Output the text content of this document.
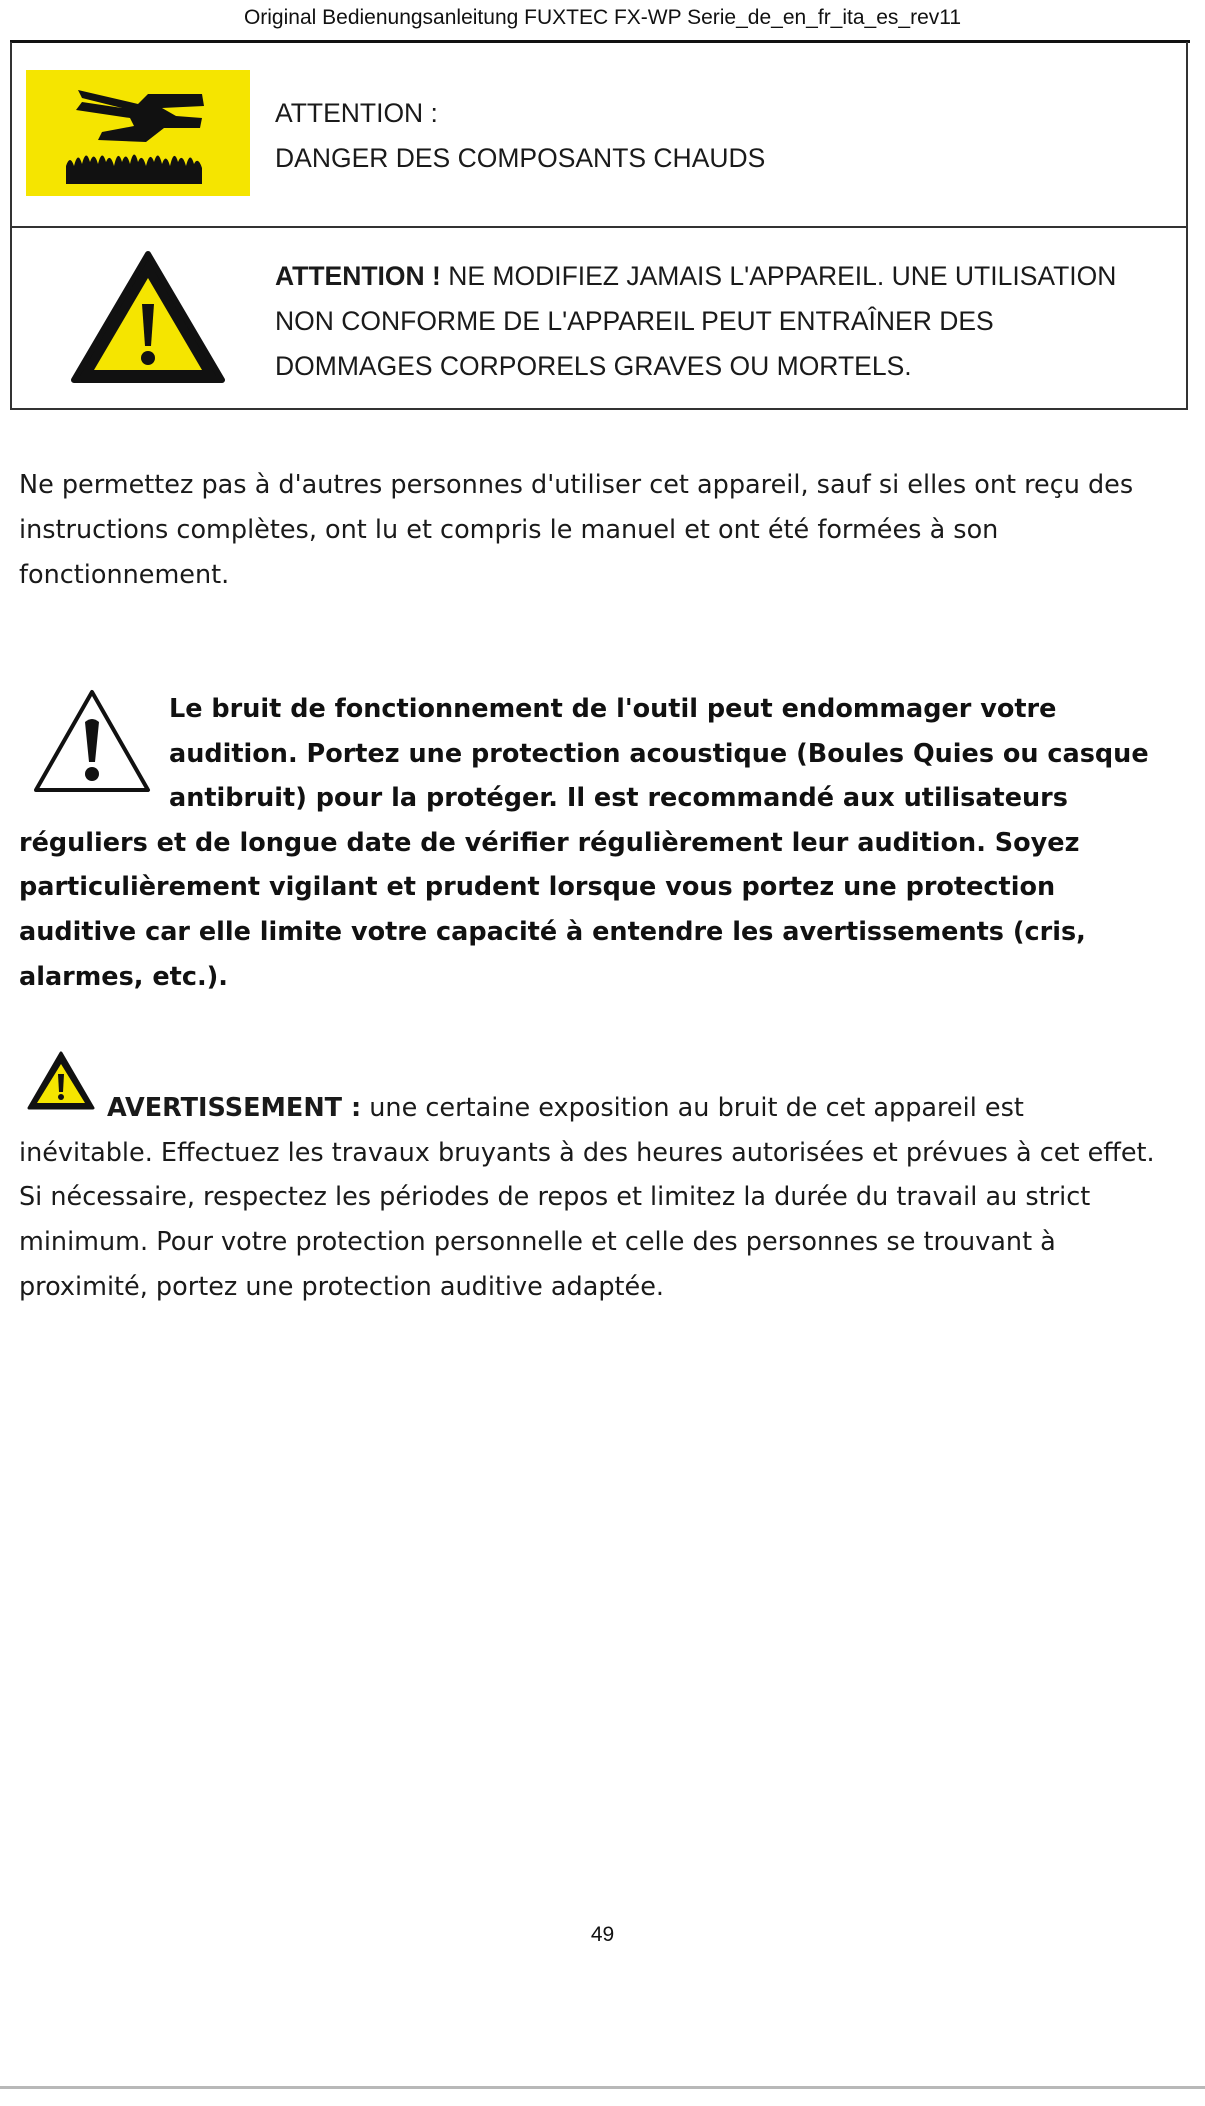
Original Bedienungsanleitung FUXTEC FX-WP Serie_de_en_fr_ita_es_rev11
ATTENTION :
DANGER DES COMPOSANTS CHAUDS
ATTENTION ! NE MODIFIEZ JAMAIS L'APPAREIL. UNE UTILISATION
NON CONFORME DE L'APPAREIL PEUT ENTRAÎNER DES
DOMMAGES CORPORELS GRAVES OU MORTELS.
Ne permettez pas à d'autres personnes d'utiliser cet appareil, sauf si elles ont reçu des
instructions complètes, ont lu et compris le manuel et ont été formées à son
fonctionnement.
Le bruit de fonctionnement de l'outil peut endommager votre
audition. Portez une protection acoustique (Boules Quies ou casque
antibruit) pour la protéger. Il est recommandé aux utilisateurs
réguliers et de longue date de vérifier régulièrement leur audition. Soyez
particulièrement vigilant et prudent lorsque vous portez une protection
auditive car elle limite votre capacité à entendre les avertissements (cris,
alarmes, etc.).
AVERTISSEMENT : une certaine exposition au bruit de cet appareil est
inévitable. Effectuez les travaux bruyants à des heures autorisées et prévues à cet effet.
Si nécessaire, respectez les périodes de repos et limitez la durée du travail au strict
minimum. Pour votre protection personnelle et celle des personnes se trouvant à
proximité, portez une protection auditive adaptée.
49
